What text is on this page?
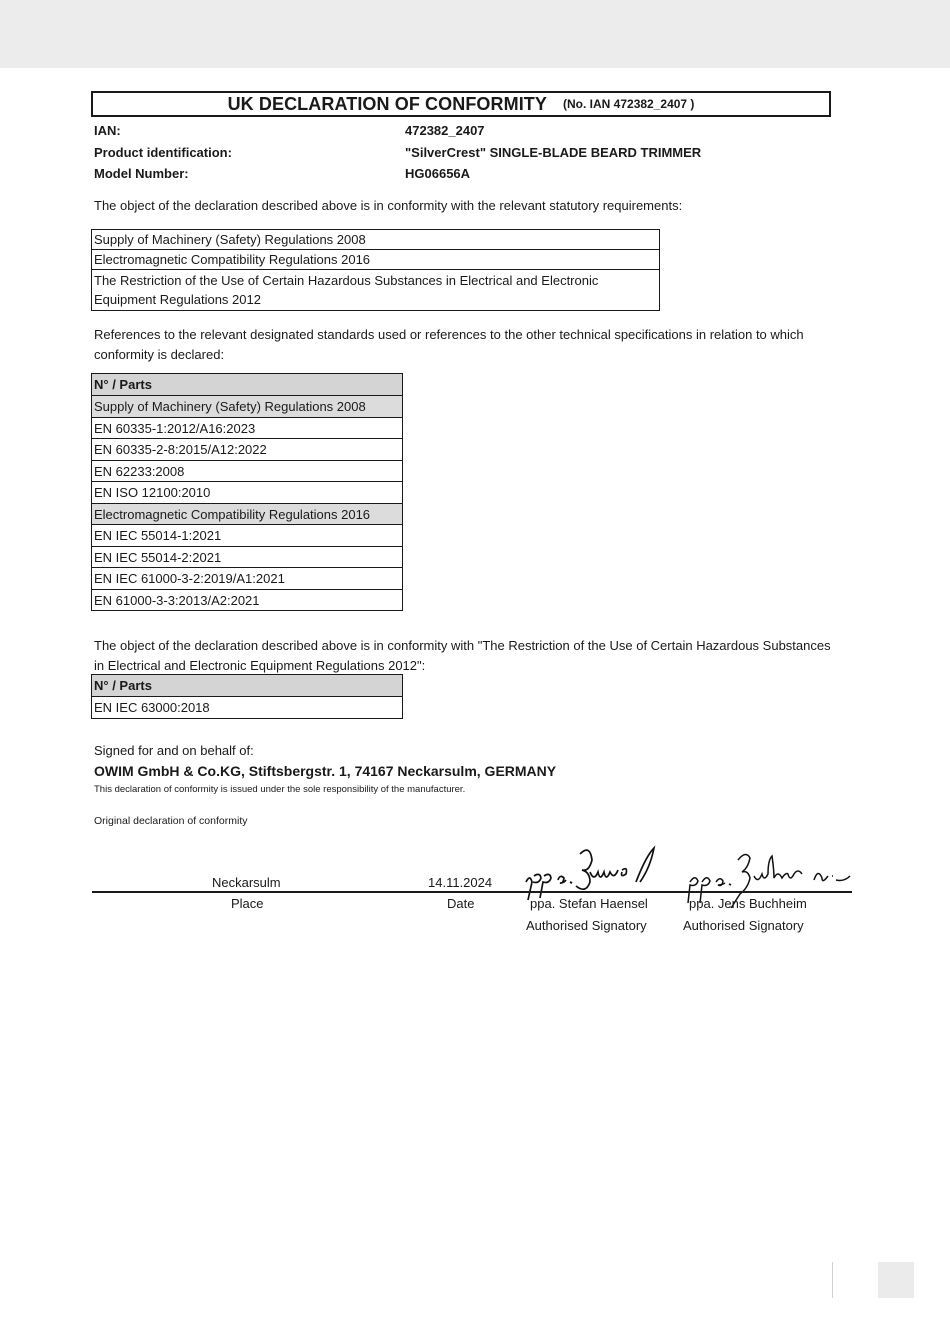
UK DECLARATION OF CONFORMITY (No. IAN 472382_2407 )
IAN:	472382_2407
Product identification:	"SilverCrest" SINGLE-BLADE BEARD TRIMMER
Model Number:	HG06656A
The object of the declaration described above is in conformity with the relevant statutory requirements:
Supply of Machinery (Safety) Regulations 2008
Electromagnetic Compatibility Regulations 2016
The Restriction of the Use of Certain Hazardous Substances in Electrical and Electronic Equipment Regulations 2012
References to the relevant designated standards used or references to the other technical specifications in relation to which conformity is declared:
N° / Parts
Supply of Machinery (Safety) Regulations 2008
EN 60335-1:2012/A16:2023
EN 60335-2-8:2015/A12:2022
EN 62233:2008
EN ISO 12100:2010
Electromagnetic Compatibility Regulations 2016
EN IEC 55014-1:2021
EN IEC 55014-2:2021
EN IEC 61000-3-2:2019/A1:2021
EN 61000-3-3:2013/A2:2021
The object of the declaration described above is in conformity with "The Restriction of the Use of Certain Hazardous Substances in Electrical and Electronic Equipment Regulations 2012":
N° / Parts
EN IEC 63000:2018
Signed for and on behalf of:
OWIM GmbH & Co.KG, Stiftsbergstr. 1, 74167 Neckarsulm, GERMANY
This declaration of conformity is issued under the sole responsibility of the manufacturer.
Original declaration of conformity
Neckarsulm	14.11.2024
Place	Date	ppa. Stefan Haensel	ppa. Jens Buchheim
Authorised Signatory	Authorised Signatory
